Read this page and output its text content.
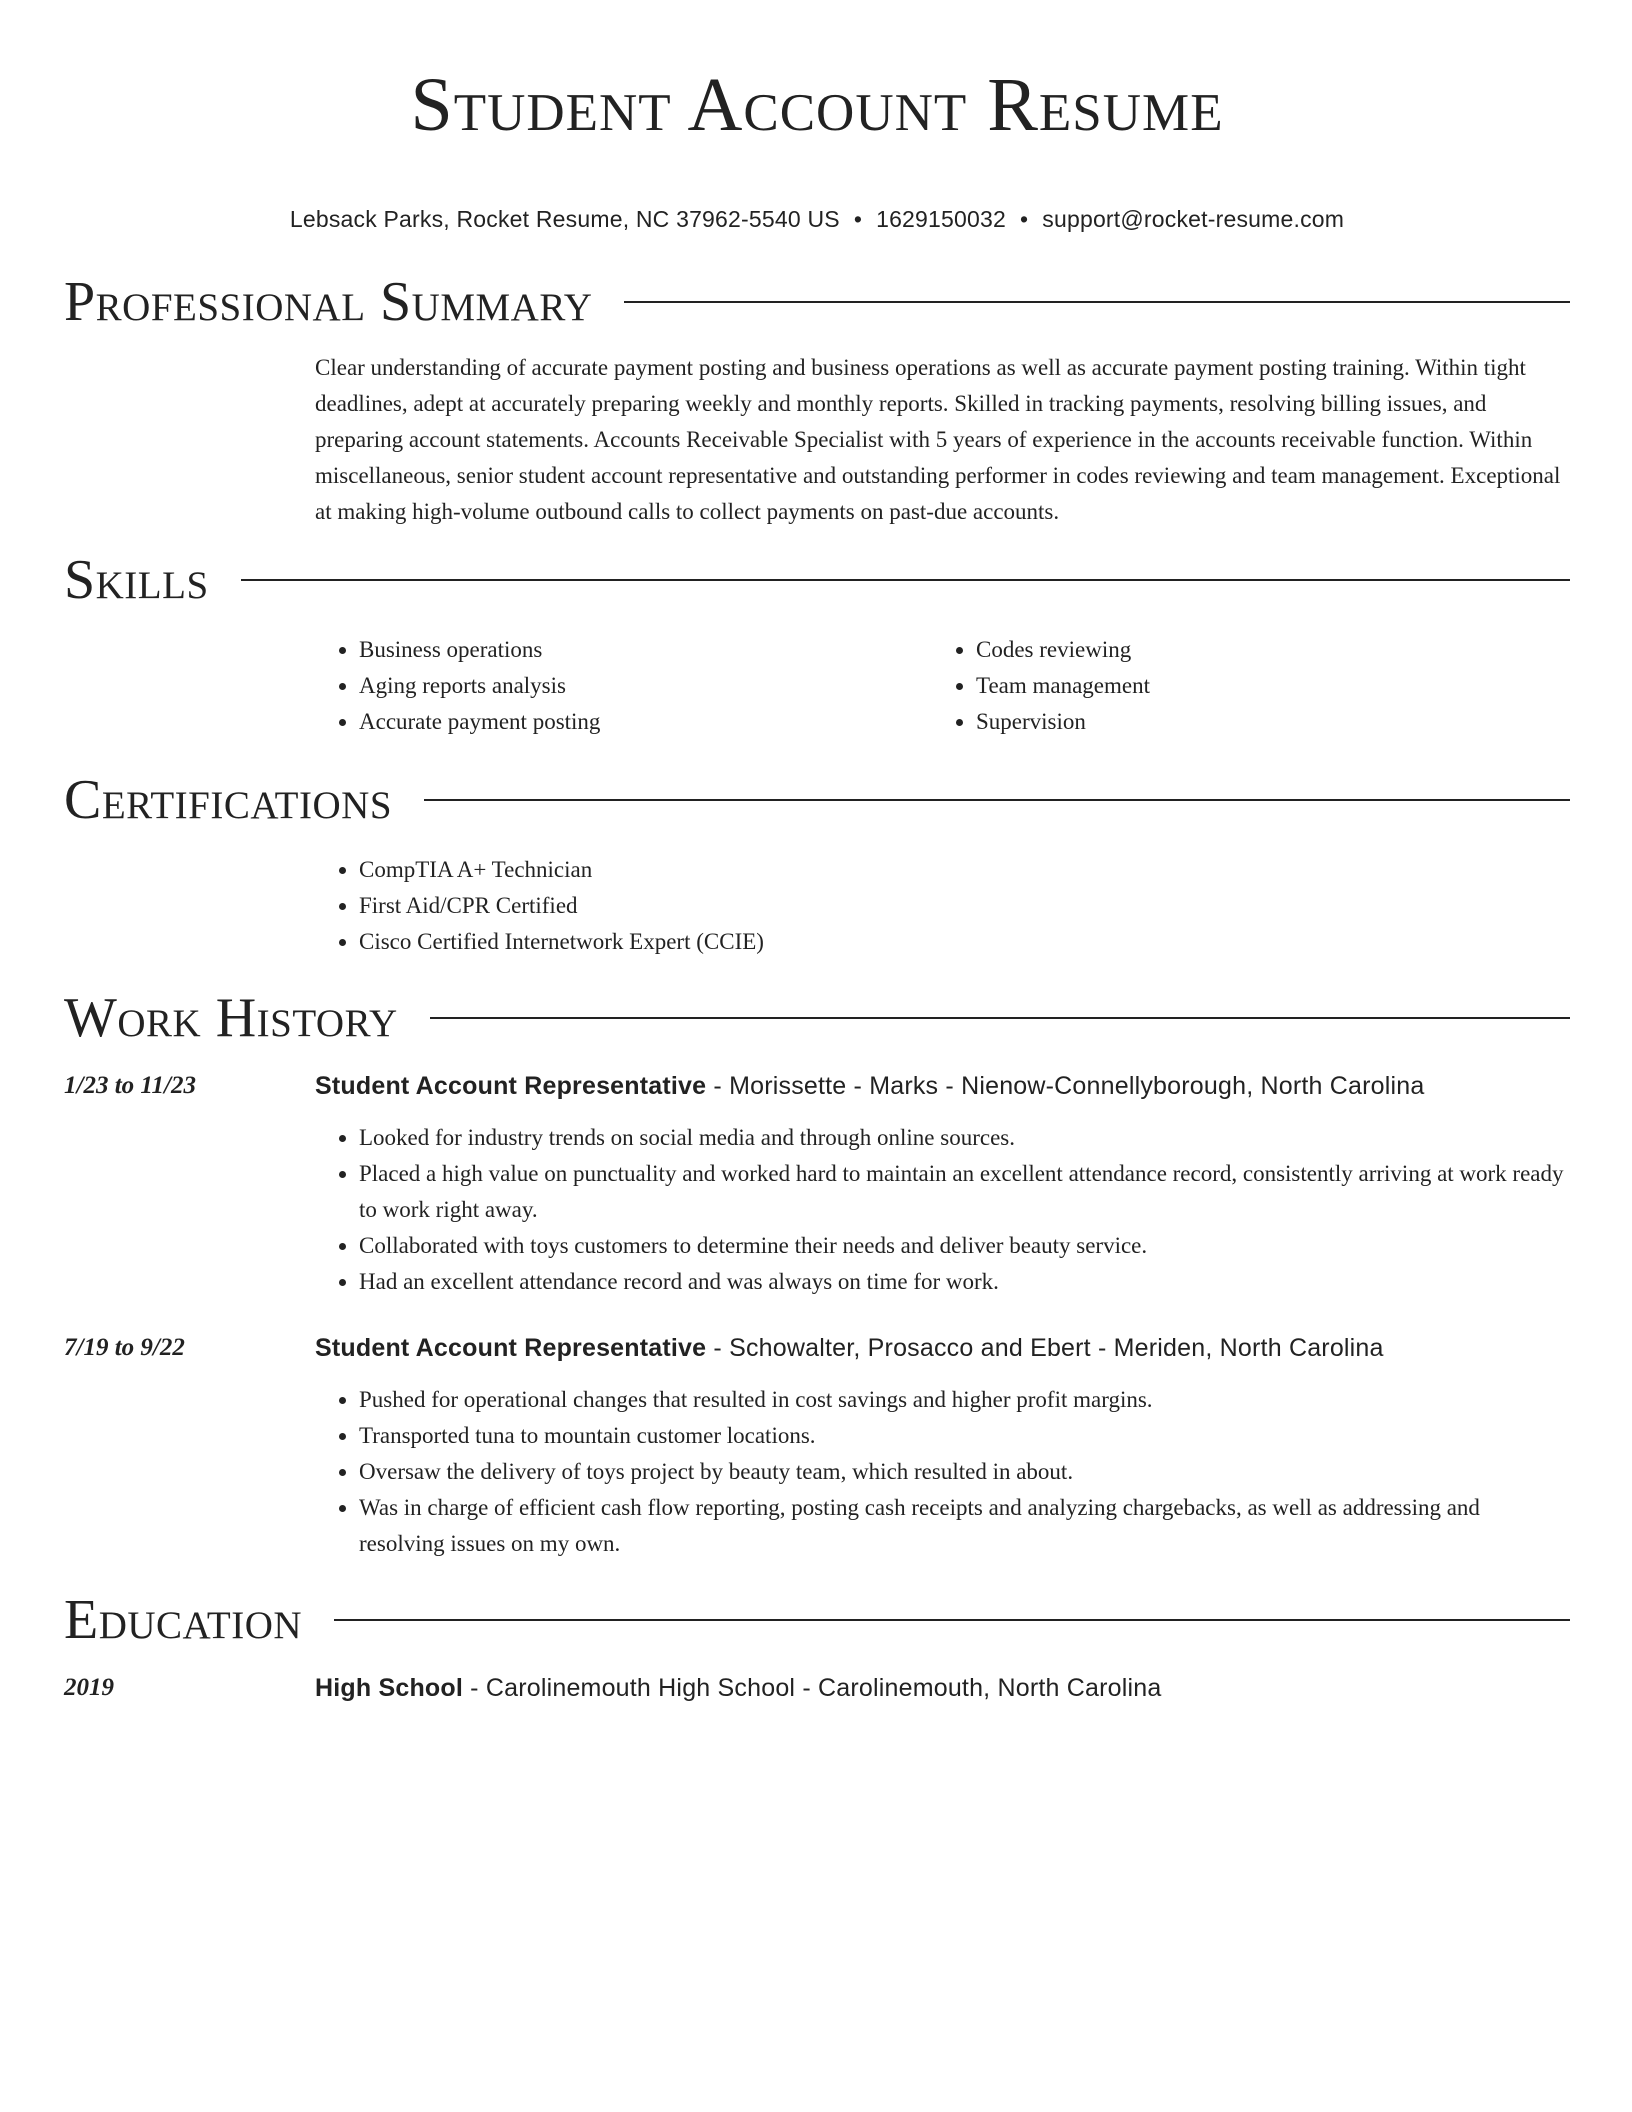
Student Account Resume
Lebsack Parks, Rocket Resume, NC 37962-5540 US • 1629150032 • support@rocket-resume.com
Professional Summary
Clear understanding of accurate payment posting and business operations as well as accurate payment posting training. Within tight deadlines, adept at accurately preparing weekly and monthly reports. Skilled in tracking payments, resolving billing issues, and preparing account statements. Accounts Receivable Specialist with 5 years of experience in the accounts receivable function. Within miscellaneous, senior student account representative and outstanding performer in codes reviewing and team management. Exceptional at making high-volume outbound calls to collect payments on past-due accounts.
Skills
• Business operations
• Aging reports analysis
• Accurate payment posting
• Codes reviewing
• Team management
• Supervision
Certifications
• CompTIA A+ Technician
• First Aid/CPR Certified
• Cisco Certified Internetwork Expert (CCIE)
Work History
1/23 to 11/23	Student Account Representative - Morissette - Marks - Nienow-Connellyborough, North Carolina
• Looked for industry trends on social media and through online sources.
• Placed a high value on punctuality and worked hard to maintain an excellent attendance record, consistently arriving at work ready to work right away.
• Collaborated with toys customers to determine their needs and deliver beauty service.
• Had an excellent attendance record and was always on time for work.
7/19 to 9/22	Student Account Representative - Schowalter, Prosacco and Ebert - Meriden, North Carolina
• Pushed for operational changes that resulted in cost savings and higher profit margins.
• Transported tuna to mountain customer locations.
• Oversaw the delivery of toys project by beauty team, which resulted in about.
• Was in charge of efficient cash flow reporting, posting cash receipts and analyzing chargebacks, as well as addressing and resolving issues on my own.
Education
2019	High School - Carolinemouth High School - Carolinemouth, North Carolina
